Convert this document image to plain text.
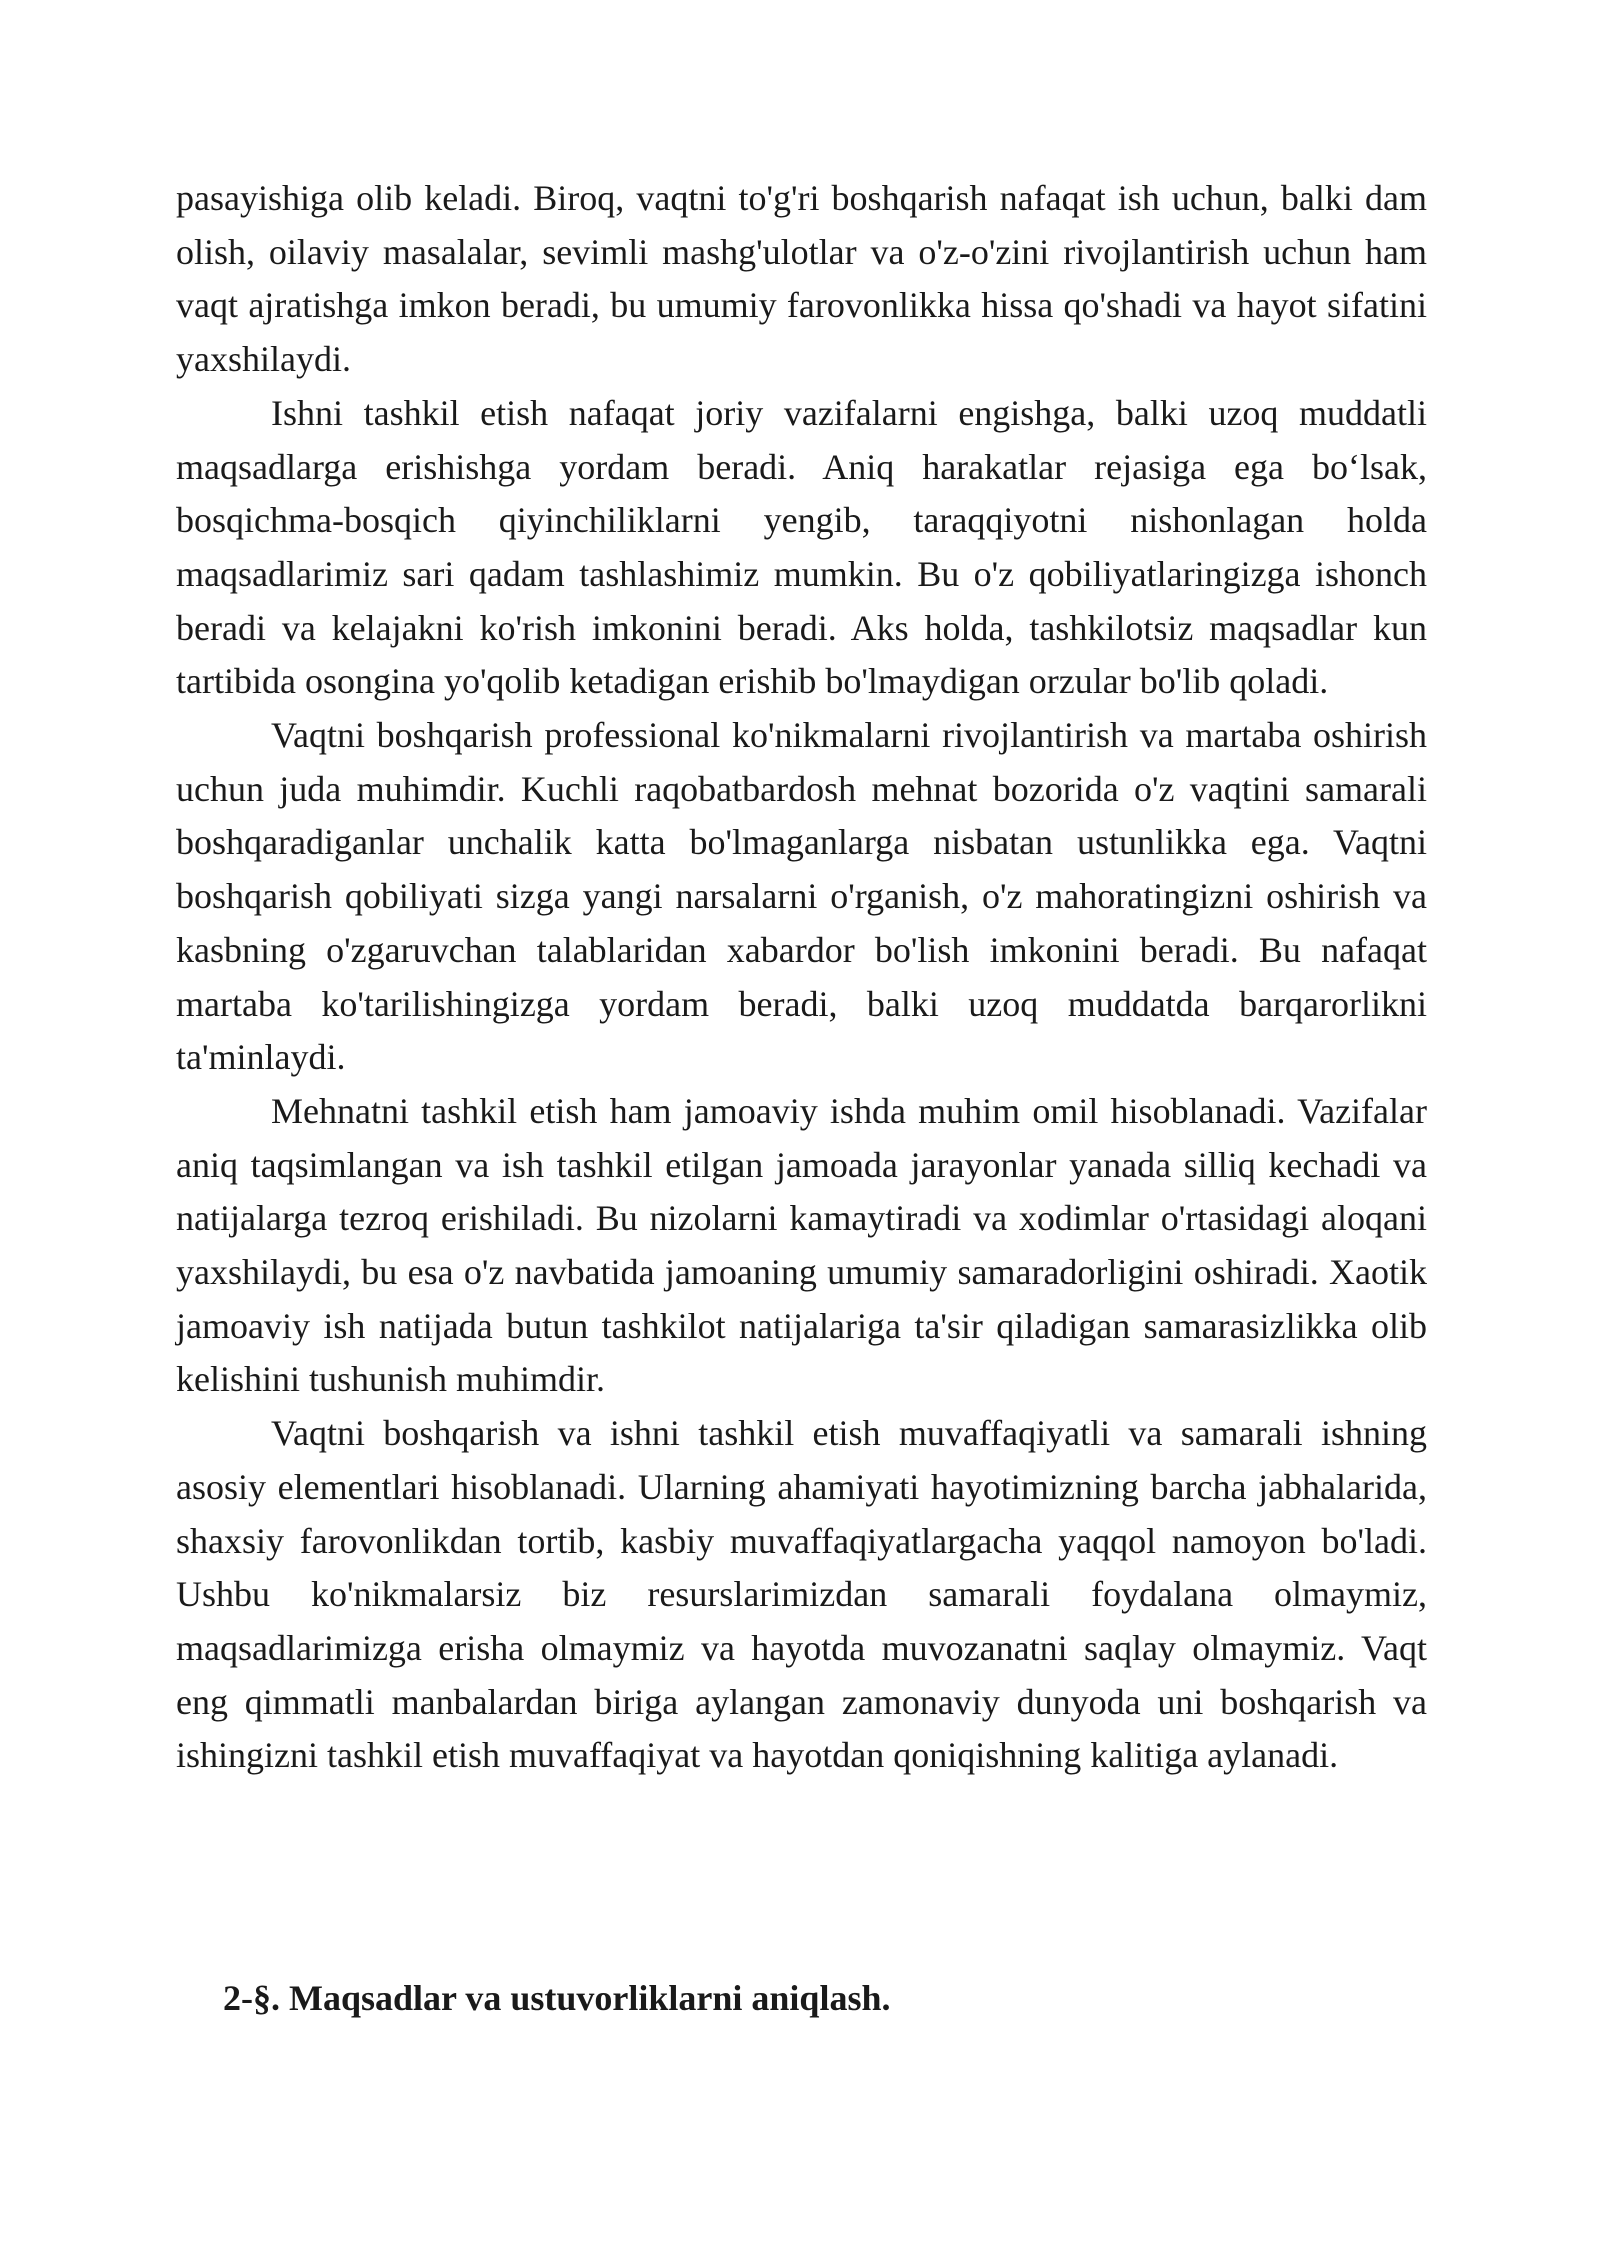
pasayishiga olib keladi. Biroq, vaqtni to'g'ri boshqarish nafaqat ish uchun, balki dam olish, oilaviy masalalar, sevimli mashg'ulotlar va o'z-o'zini rivojlantirish uchun ham vaqt ajratishga imkon beradi, bu umumiy farovonlikka hissa qo'shadi va hayot sifatini yaxshilaydi.

Ishni tashkil etish nafaqat joriy vazifalarni engishga, balki uzoq muddatli maqsadlarga erishishga yordam beradi. Aniq harakatlar rejasiga ega bo‘lsak, bosqichma-bosqich qiyinchiliklarni yengib, taraqqiyotni nishonlagan holda maqsadlarimiz sari qadam tashlashimiz mumkin. Bu o'z qobiliyatlaringizga ishonch beradi va kelajakni ko'rish imkonini beradi. Aks holda, tashkilotsiz maqsadlar kun tartibida osongina yo'qolib ketadigan erishib bo'lmaydigan orzular bo'lib qoladi.

Vaqtni boshqarish professional ko'nikmalarni rivojlantirish va martaba oshirish uchun juda muhimdir. Kuchli raqobatbardosh mehnat bozorida o'z vaqtini samarali boshqaradiganlar unchalik katta bo'lmaganlarga nisbatan ustunlikka ega. Vaqtni boshqarish qobiliyati sizga yangi narsalarni o'rganish, o'z mahoratingizni oshirish va kasbning o'zgaruvchan talablaridan xabardor bo'lish imkonini beradi. Bu nafaqat martaba ko'tarilishingizga yordam beradi, balki uzoq muddatda barqarorlikni ta'minlaydi.

Mehnatni tashkil etish ham jamoaviy ishda muhim omil hisoblanadi. Vazifalar aniq taqsimlangan va ish tashkil etilgan jamoada jarayonlar yanada silliq kechadi va natijalarga tezroq erishiladi. Bu nizolarni kamaytiradi va xodimlar o'rtasidagi aloqani yaxshilaydi, bu esa o'z navbatida jamoaning umumiy samaradorligini oshiradi. Xaotik jamoaviy ish natijada butun tashkilot natijalariga ta'sir qiladigan samarasizlikka olib kelishini tushunish muhimdir.

Vaqtni boshqarish va ishni tashkil etish muvaffaqiyatli va samarali ishning asosiy elementlari hisoblanadi. Ularning ahamiyati hayotimizning barcha jabhalarida, shaxsiy farovonlikdan tortib, kasbiy muvaffaqiyatlargacha yaqqol namoyon bo'ladi. Ushbu ko'nikmalarsiz biz resurslarimizdan samarali foydalana olmaymiz, maqsadlarimizga erisha olmaymiz va hayotda muvozanatni saqlay olmaymiz. Vaqt eng qimmatli manbalardan biriga aylangan zamonaviy dunyoda uni boshqarish va ishingizni tashkil etish muvaffaqiyat va hayotdan qoniqishning kalitiga aylanadi.

2-§. Maqsadlar va ustuvorliklarni aniqlash.
